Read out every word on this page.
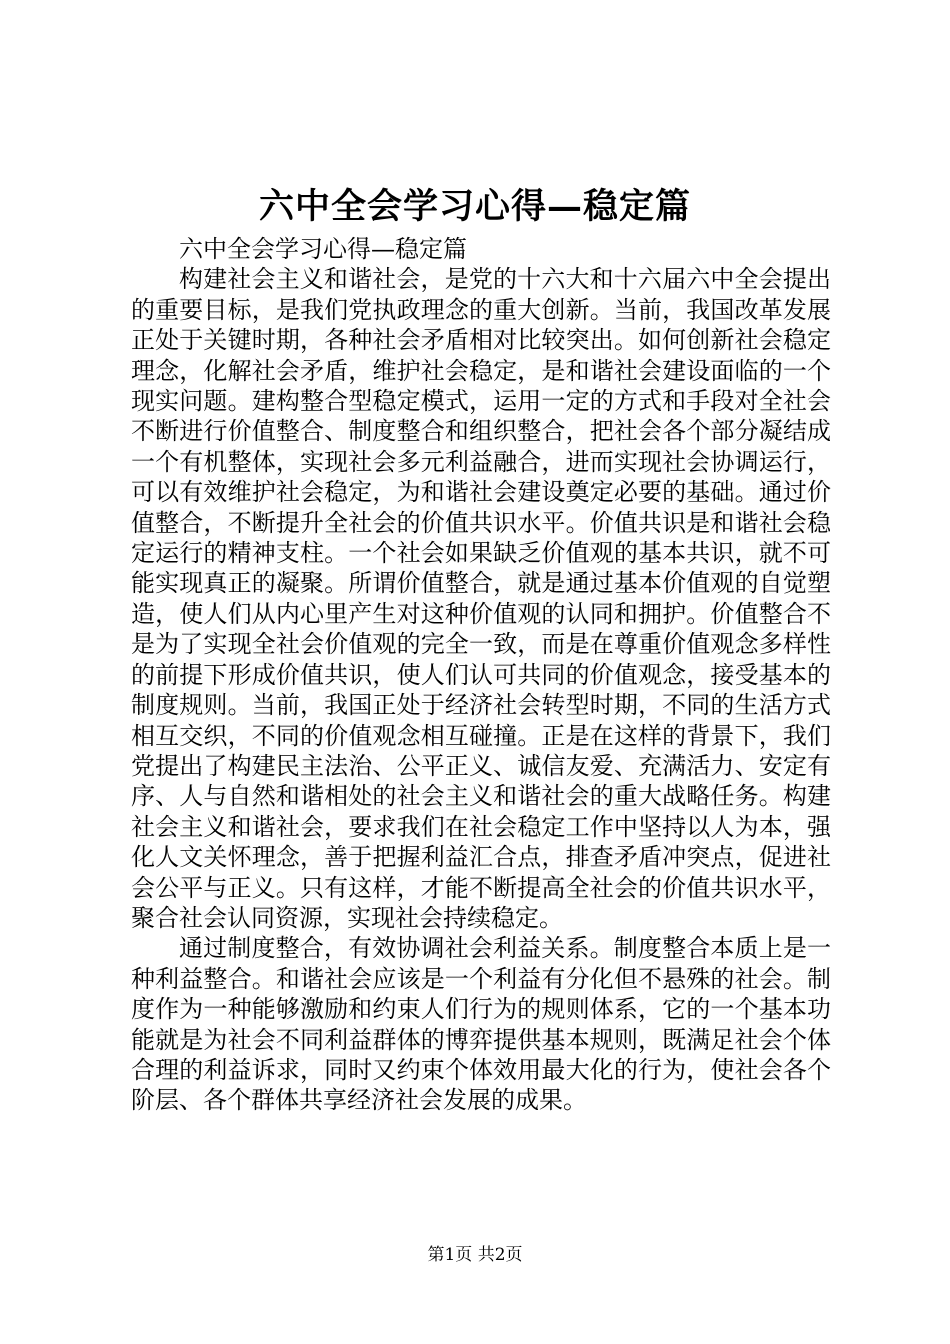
六中全会学习心得—稳定篇

六中全会学习心得—稳定篇

构建社会主义和谐社会，是党的十六大和十六届六中全会提出的重要目标，是我们党执政理念的重大创新。当前，我国改革发展正处于关键时期，各种社会矛盾相对比较突出。如何创新社会稳定理念，化解社会矛盾，维护社会稳定，是和谐社会建设面临的一个现实问题。建构整合型稳定模式，运用一定的方式和手段对全社会不断进行价值整合、制度整合和组织整合，把社会各个部分凝结成一个有机整体，实现社会多元利益融合，进而实现社会协调运行，可以有效维护社会稳定，为和谐社会建设奠定必要的基础。通过价值整合，不断提升全社会的价值共识水平。价值共识是和谐社会稳定运行的精神支柱。一个社会如果缺乏价值观的基本共识，就不可能实现真正的凝聚。所谓价值整合，就是通过基本价值观的自觉塑造，使人们从内心里产生对这种价值观的认同和拥护。价值整合不是为了实现全社会价值观的完全一致，而是在尊重价值观念多样性的前提下形成价值共识，使人们认可共同的价值观念，接受基本的制度规则。当前，我国正处于经济社会转型时期，不同的生活方式相互交织，不同的价值观念相互碰撞。正是在这样的背景下，我们党提出了构建民主法治、公平正义、诚信友爱、充满活力、安定有序、人与自然和谐相处的社会主义和谐社会的重大战略任务。构建社会主义和谐社会，要求我们在社会稳定工作中坚持以人为本，强化人文关怀理念，善于把握利益汇合点，排查矛盾冲突点，促进社会公平与正义。只有这样，才能不断提高全社会的价值共识水平，聚合社会认同资源，实现社会持续稳定。

通过制度整合，有效协调社会利益关系。制度整合本质上是一种利益整合。和谐社会应该是一个利益有分化但不悬殊的社会。制度作为一种能够激励和约束人们行为的规则体系，它的一个基本功能就是为社会不同利益群体的博弈提供基本规则，既满足社会个体合理的利益诉求，同时又约束个体效用最大化的行为，使社会各个阶层、各个群体共享经济社会发展的成果。

第1页 共2页
